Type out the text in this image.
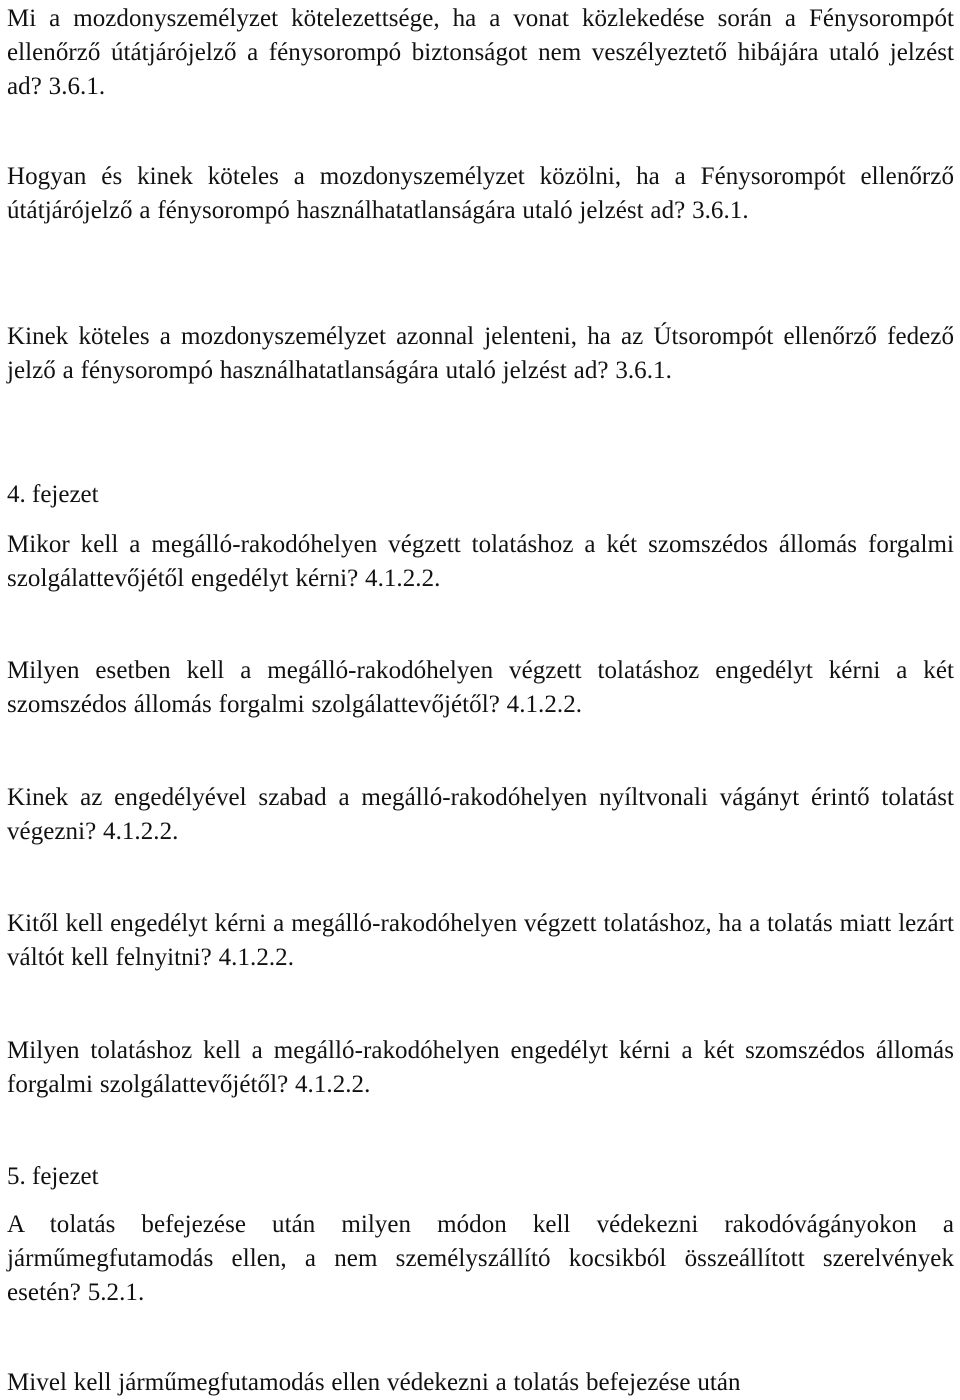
Mi a mozdonyszemélyzet kötelezettsége, ha a vonat közlekedése során a Fénysorompót ellenőrző útátjárójelző a fénysorompó biztonságot nem veszélyeztető hibájára utaló jelzést ad? 3.6.1.

Hogyan és kinek köteles a mozdonyszemélyzet közölni, ha a Fénysorompót ellenőrző útátjárójelző a fénysorompó használhatatlanságára utaló jelzést ad? 3.6.1.

Kinek köteles a mozdonyszemélyzet azonnal jelenteni, ha az Útsorompót ellenőrző fedező jelző a fénysorompó használhatatlanságára utaló jelzést ad? 3.6.1.

4. fejezet

Mikor kell a megálló-rakodóhelyen végzett tolatáshoz a két szomszédos állomás forgalmi szolgálattevőjétől engedélyt kérni? 4.1.2.2.

Milyen esetben kell a megálló-rakodóhelyen végzett tolatáshoz engedélyt kérni a két szomszédos állomás forgalmi szolgálattevőjétől? 4.1.2.2.

Kinek az engedélyével szabad a megálló-rakodóhelyen nyíltvonali vágányt érintő tolatást végezni? 4.1.2.2.

Kitől kell engedélyt kérni a megálló-rakodóhelyen végzett tolatáshoz, ha a tolatás miatt lezárt váltót kell felnyitni? 4.1.2.2.

Milyen tolatáshoz kell a megálló-rakodóhelyen engedélyt kérni a két szomszédos állomás forgalmi szolgálattevőjétől? 4.1.2.2.

5. fejezet

A tolatás befejezése után milyen módon kell védekezni rakodóvágányokon a járműmegfutamodás ellen, a nem személyszállító kocsikból összeállított szerelvények esetén? 5.2.1.

Mivel kell járműmegfutamodás ellen védekezni a tolatás befejezése után
